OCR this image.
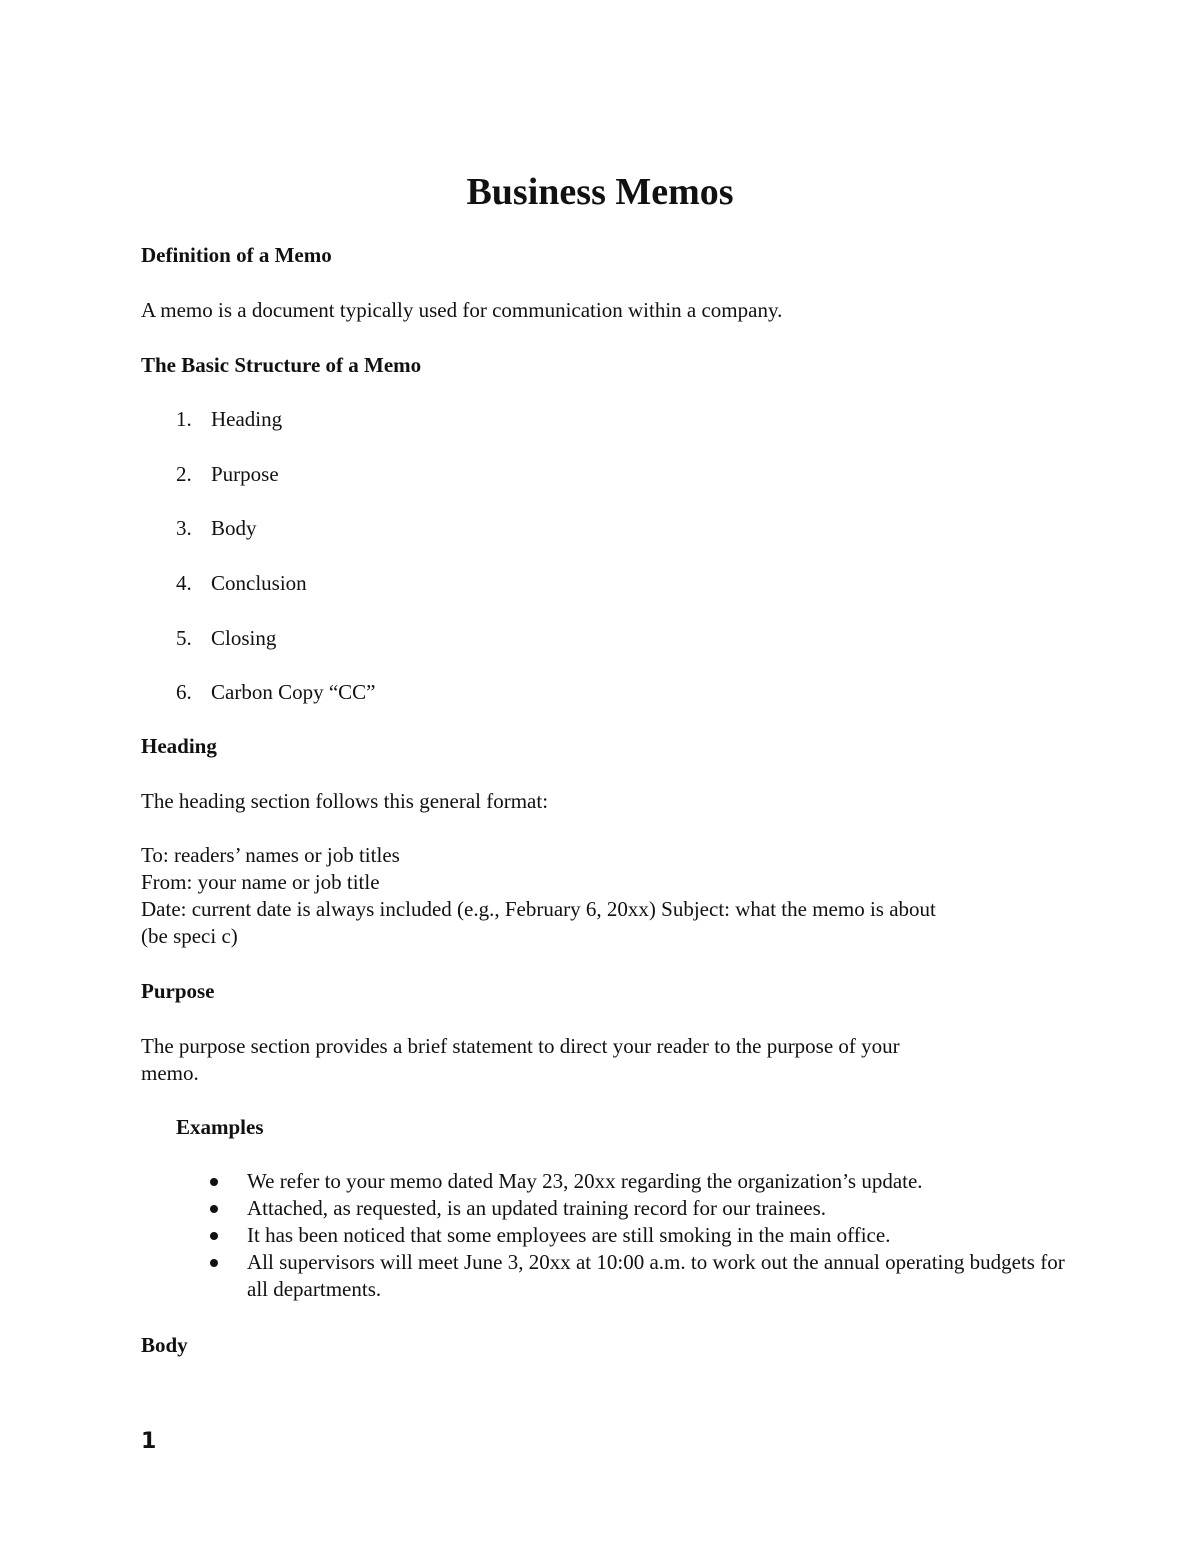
Business Memos
Definition of a Memo
A memo is a document typically used for communication within a company.
The Basic Structure of a Memo
1. Heading
2. Purpose
3. Body
4. Conclusion
5. Closing
6. Carbon Copy “CC”
Heading
The heading section follows this general format:
To: readers’ names or job titles
From: your name or job title
Date: current date is always included (e.g., February 6, 20xx) Subject: what the memo is about
(be speci c)
Purpose
The purpose section provides a brief statement to direct your reader to the purpose of your
memo.
Examples
We refer to your memo dated May 23, 20xx regarding the organization’s update.
Attached, as requested, is an updated training record for our trainees.
It has been noticed that some employees are still smoking in the main office.
All supervisors will meet June 3, 20xx at 10:00 a.m. to work out the annual operating budgets for all departments.
Body
1
